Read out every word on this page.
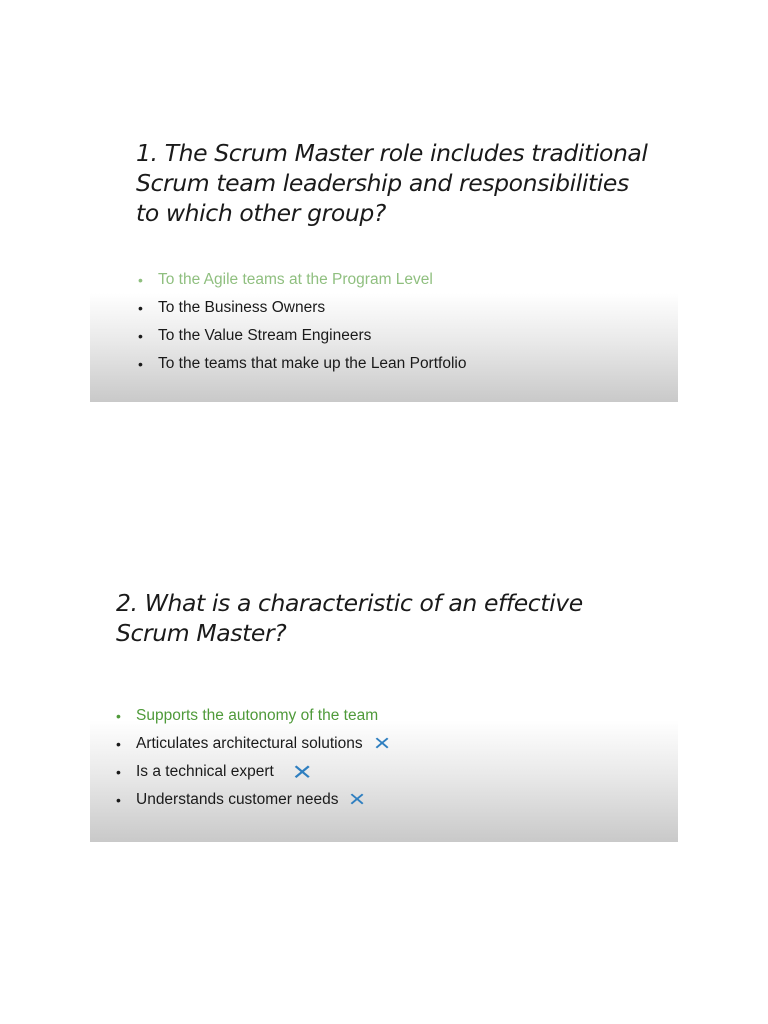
1. The Scrum Master role includes traditional Scrum team leadership and responsibilities to which other group?
• To the Agile teams at the Program Level
• To the Business Owners
• To the Value Stream Engineers
• To the teams that make up the Lean Portfolio
2. What is a characteristic of an effective Scrum Master?
• Supports the autonomy of the team
• Articulates architectural solutions ×
• Is a technical expert ×
• Understands customer needs ×
